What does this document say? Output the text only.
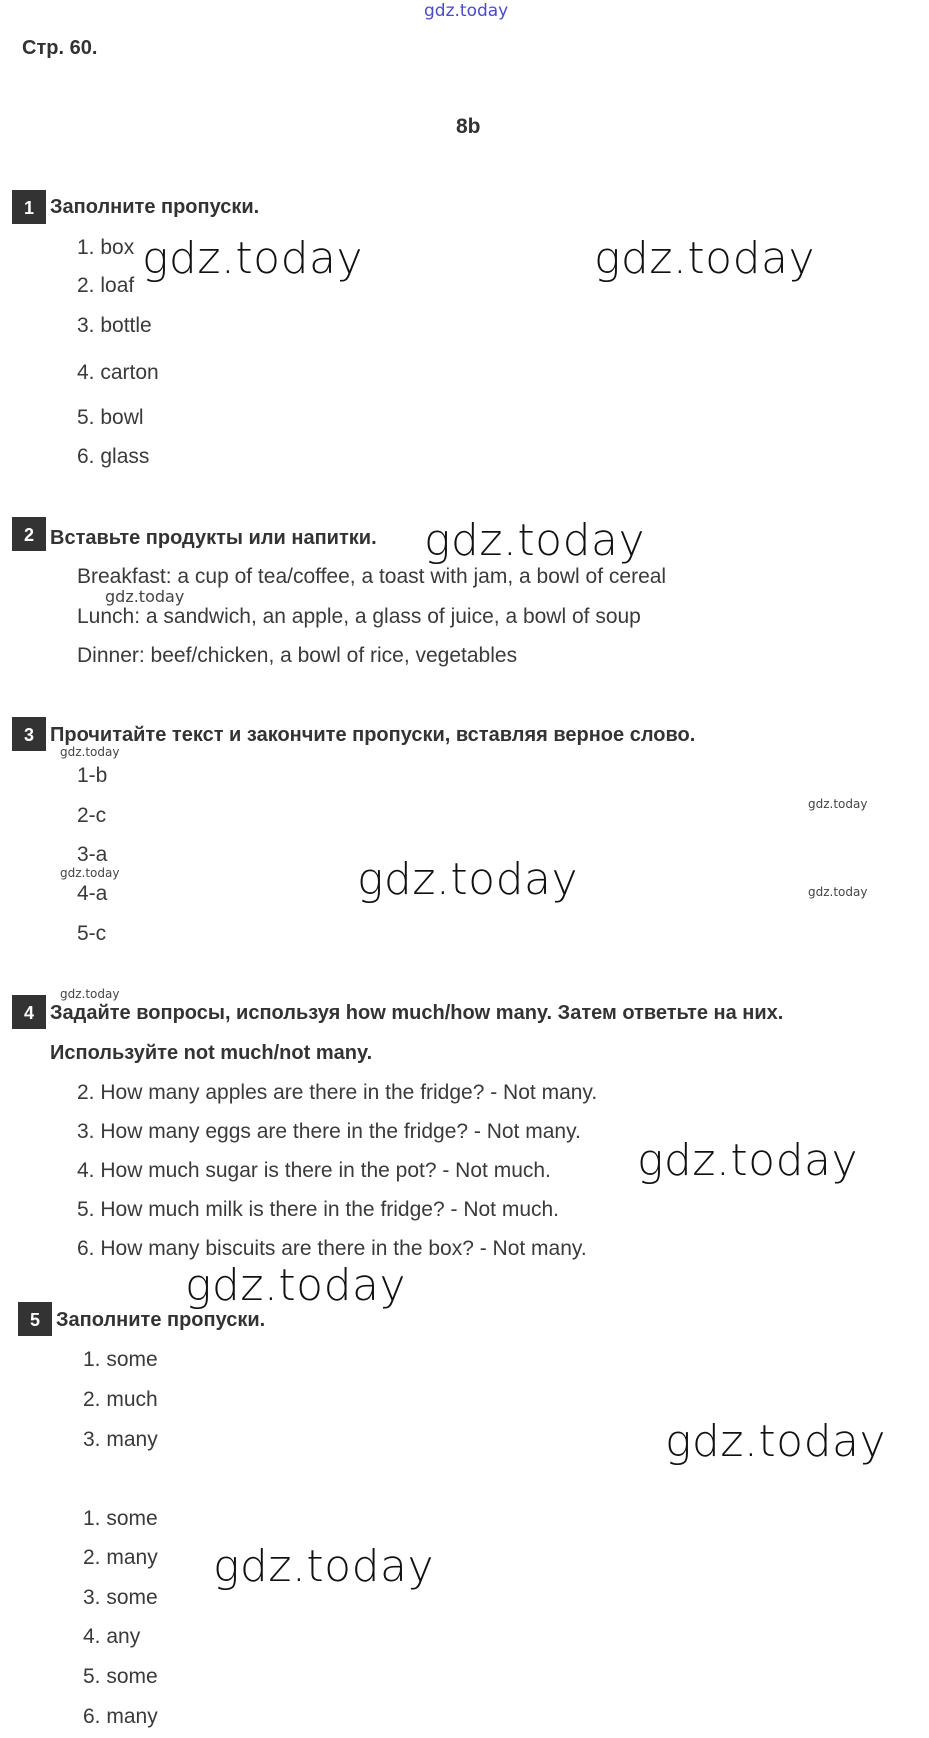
gdz.today
Стр. 60.
8b
1 Заполните пропуски.
1. box
2. loaf
3. bottle
4. carton
5. bowl
6. glass
2 Вставьте продукты или напитки.
Breakfast: a cup of tea/coffee, a toast with jam, a bowl of cereal
Lunch: a sandwich, an apple, a glass of juice, a bowl of soup
Dinner: beef/chicken, a bowl of rice, vegetables
3 Прочитайте текст и закончите пропуски, вставляя верное слово.
1-b
2-c
3-a
4-a
5-c
4 Задайте вопросы, используя how much/how many. Затем ответьте на них.
Используйте not much/not many.
2. How many apples are there in the fridge? - Not many.
3. How many eggs are there in the fridge? - Not many.
4. How much sugar is there in the pot? - Not much.
5. How much milk is there in the fridge? - Not much.
6. How many biscuits are there in the box? - Not many.
5 Заполните пропуски.
1. some
2. much
3. many
1. some
2. many
3. some
4. any
5. some
6. many
gdz.today	gdz.today
gdz.today
gdz.today
gdz.today
gdz.today
gdz.today
gdz.today
gdz.today
gdz.today
gdz.today
gdz.today
gdz.today
gdz.today
